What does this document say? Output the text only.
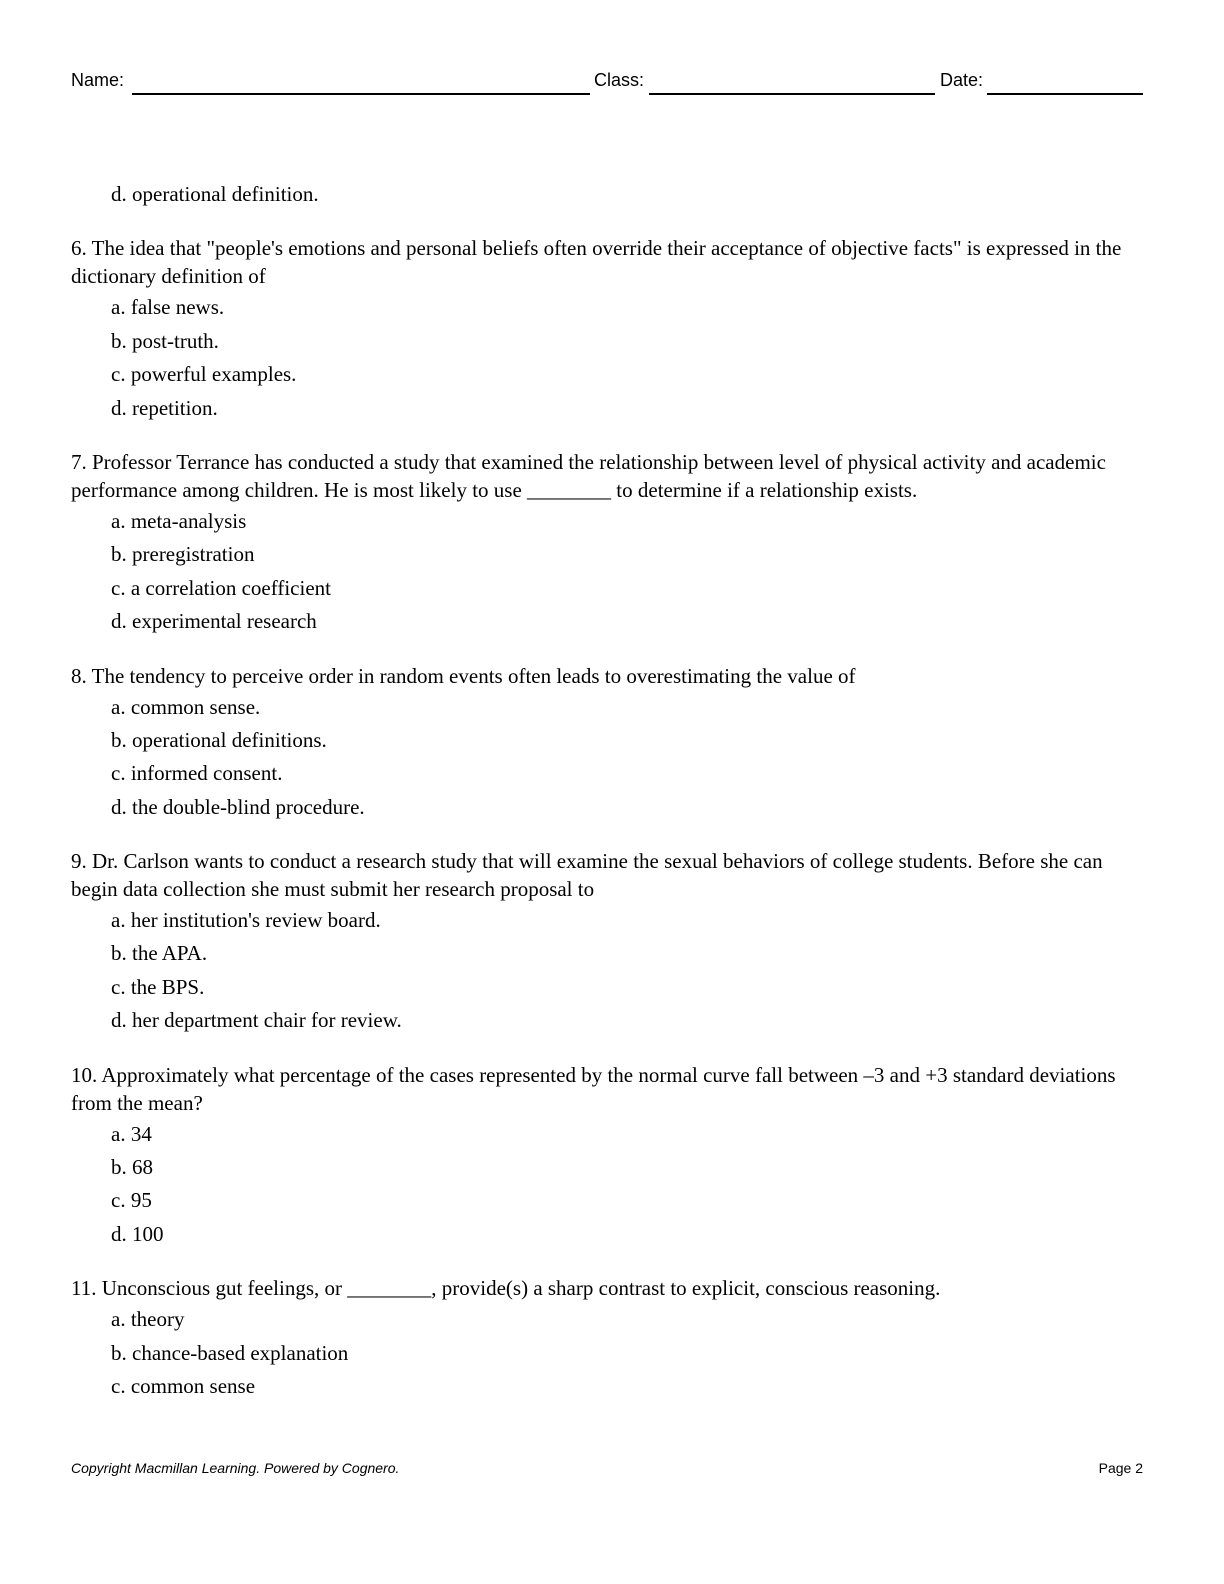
Name:	Class:	Date:
d. operational definition.
6. The idea that "people's emotions and personal beliefs often override their acceptance of objective facts" is expressed in the dictionary definition of
a. false news.
b. post-truth.
c. powerful examples.
d. repetition.
7. Professor Terrance has conducted a study that examined the relationship between level of physical activity and academic performance among children. He is most likely to use ________ to determine if a relationship exists.
a. meta-analysis
b. preregistration
c. a correlation coefficient
d. experimental research
8. The tendency to perceive order in random events often leads to overestimating the value of
a. common sense.
b. operational definitions.
c. informed consent.
d. the double-blind procedure.
9. Dr. Carlson wants to conduct a research study that will examine the sexual behaviors of college students. Before she can begin data collection she must submit her research proposal to
a. her institution's review board.
b. the APA.
c. the BPS.
d. her department chair for review.
10. Approximately what percentage of the cases represented by the normal curve fall between –3 and +3 standard deviations from the mean?
a. 34
b. 68
c. 95
d. 100
11. Unconscious gut feelings, or ________, provide(s) a sharp contrast to explicit, conscious reasoning.
a. theory
b. chance-based explanation
c. common sense
Copyright Macmillan Learning. Powered by Cognero.	Page 2
